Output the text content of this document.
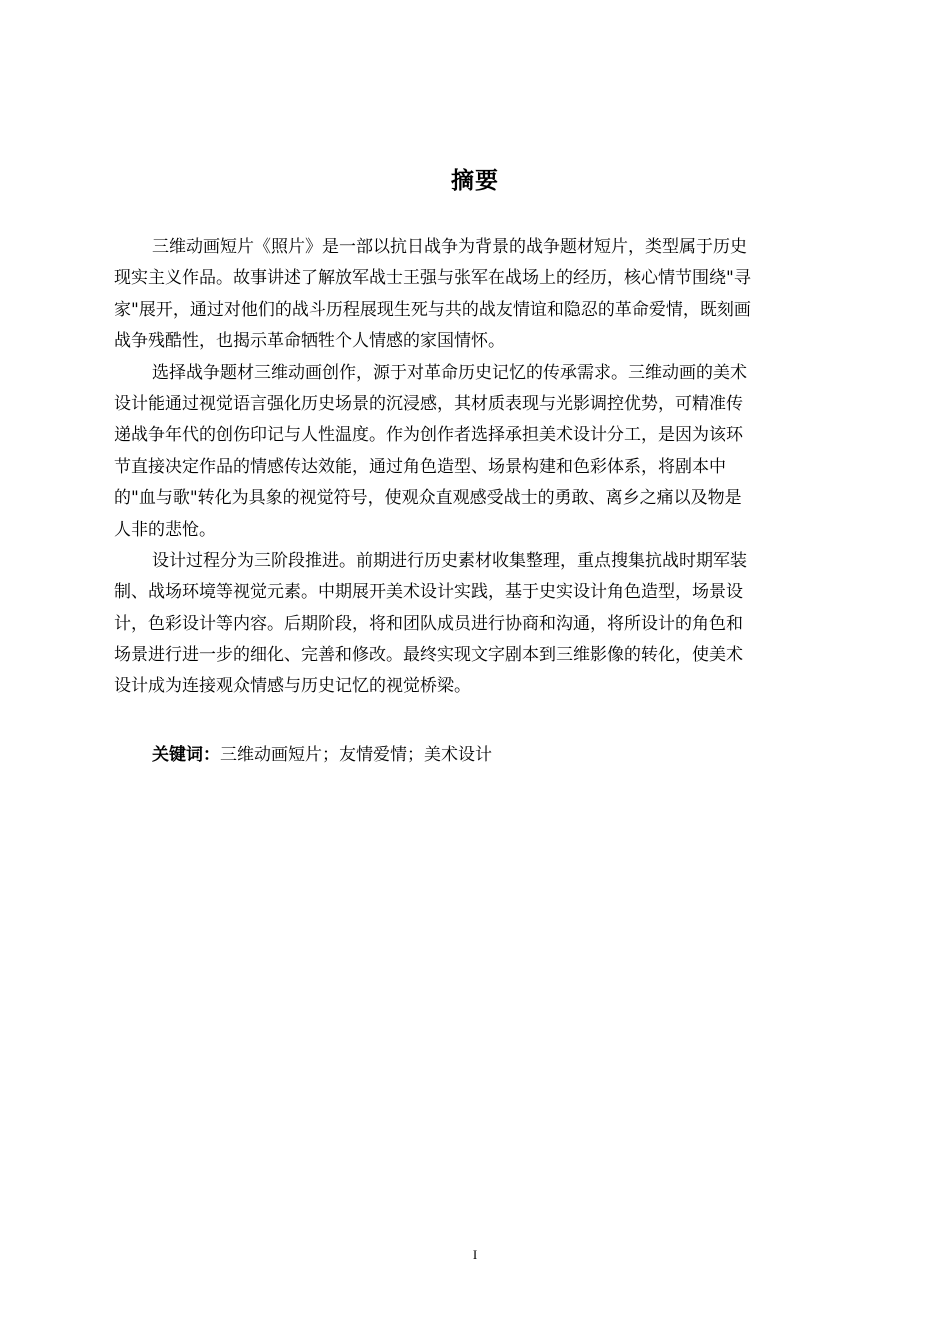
摘要

三维动画短片《照片》是一部以抗日战争为背景的战争题材短片，类型属于历史
现实主义作品。故事讲述了解放军战士王强与张军在战场上的经历，核心情节围绕"寻
家"展开，通过对他们的战斗历程展现生死与共的战友情谊和隐忍的革命爱情，既刻画
战争残酷性，也揭示革命牺牲个人情感的家国情怀。

选择战争题材三维动画创作，源于对革命历史记忆的传承需求。三维动画的美术
设计能通过视觉语言强化历史场景的沉浸感，其材质表现与光影调控优势，可精准传
递战争年代的创伤印记与人性温度。作为创作者选择承担美术设计分工，是因为该环
节直接决定作品的情感传达效能，通过角色造型、场景构建和色彩体系，将剧本中
的"血与歌"转化为具象的视觉符号，使观众直观感受战士的勇敢、离乡之痛以及物是
人非的悲怆。

设计过程分为三阶段推进。前期进行历史素材收集整理，重点搜集抗战时期军装
制、战场环境等视觉元素。中期展开美术设计实践，基于史实设计角色造型，场景设
计，色彩设计等内容。后期阶段，将和团队成员进行协商和沟通，将所设计的角色和
场景进行进一步的细化、完善和修改。最终实现文字剧本到三维影像的转化，使美术
设计成为连接观众情感与历史记忆的视觉桥梁。

关键词：三维动画短片；友情爱情；美术设计
I
